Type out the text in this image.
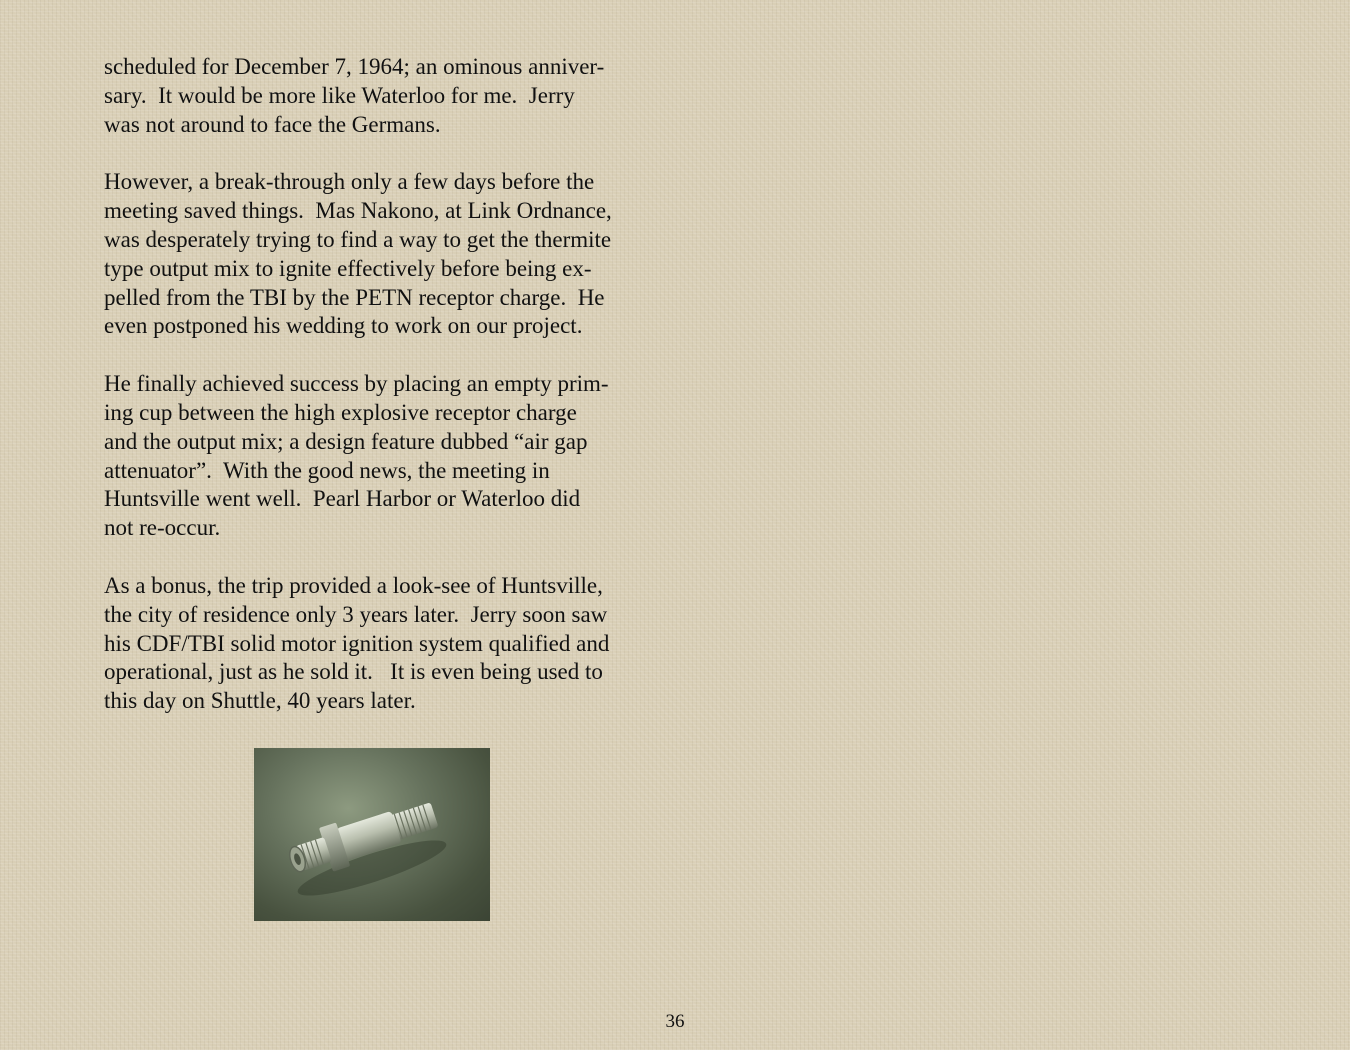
scheduled for December 7, 1964; an ominous anniver-
sary.  It would be more like Waterloo for me.  Jerry
was not around to face the Germans.

However, a break-through only a few days before the
meeting saved things.  Mas Nakono, at Link Ordnance,
was desperately trying to find a way to get the thermite
type output mix to ignite effectively before being ex-
pelled from the TBI by the PETN receptor charge.  He
even postponed his wedding to work on our project.

He finally achieved success by placing an empty prim-
ing cup between the high explosive receptor charge
and the output mix; a design feature dubbed “air gap
attenuator”.  With the good news, the meeting in
Huntsville went well.  Pearl Harbor or Waterloo did
not re-occur.

As a bonus, the trip provided a look-see of Huntsville,
the city of residence only 3 years later.  Jerry soon saw
his CDF/TBI solid motor ignition system qualified and
operational, just as he sold it.   It is even being used to
this day on Shuttle, 40 years later.

36
